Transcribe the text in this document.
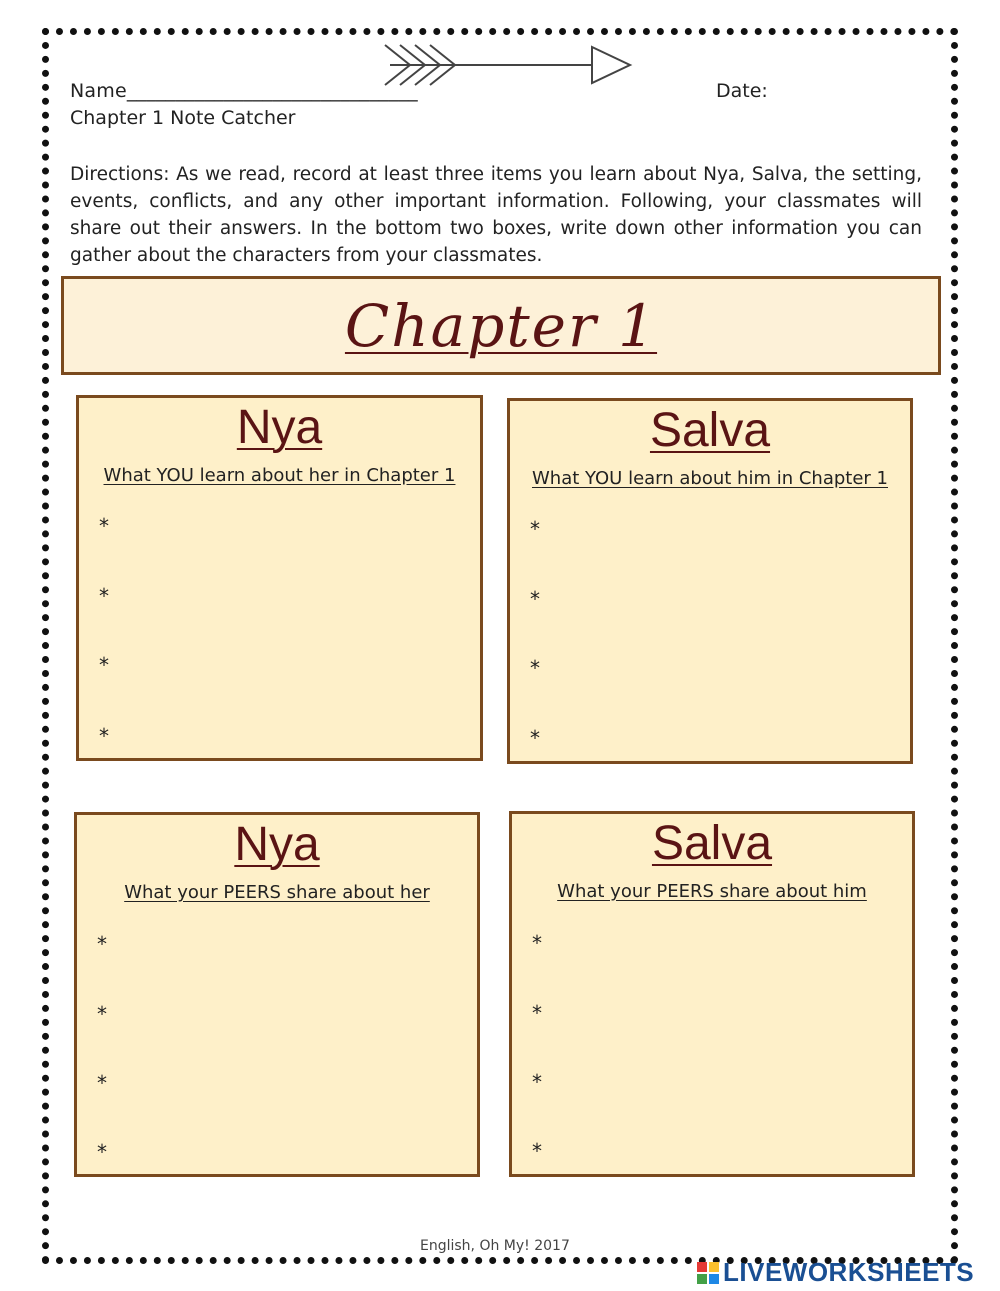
Name______________________________	Date:
Chapter 1 Note Catcher
Directions: As we read, record at least three items you learn about Nya, Salva, the setting, events, conflicts, and any other important information. Following, your classmates will share out their answers. In the bottom two boxes, write down other information you can gather about the characters from your classmates.
Chapter 1
Nya
What YOU learn about her in Chapter 1
*
*
*
*
Salva
What YOU learn about him in Chapter 1
*
*
*
*
Nya
What your PEERS share about her
*
*
*
*
Salva
What your PEERS share about him
*
*
*
*
English, Oh My! 2017
LIVEWORKSHEETS
